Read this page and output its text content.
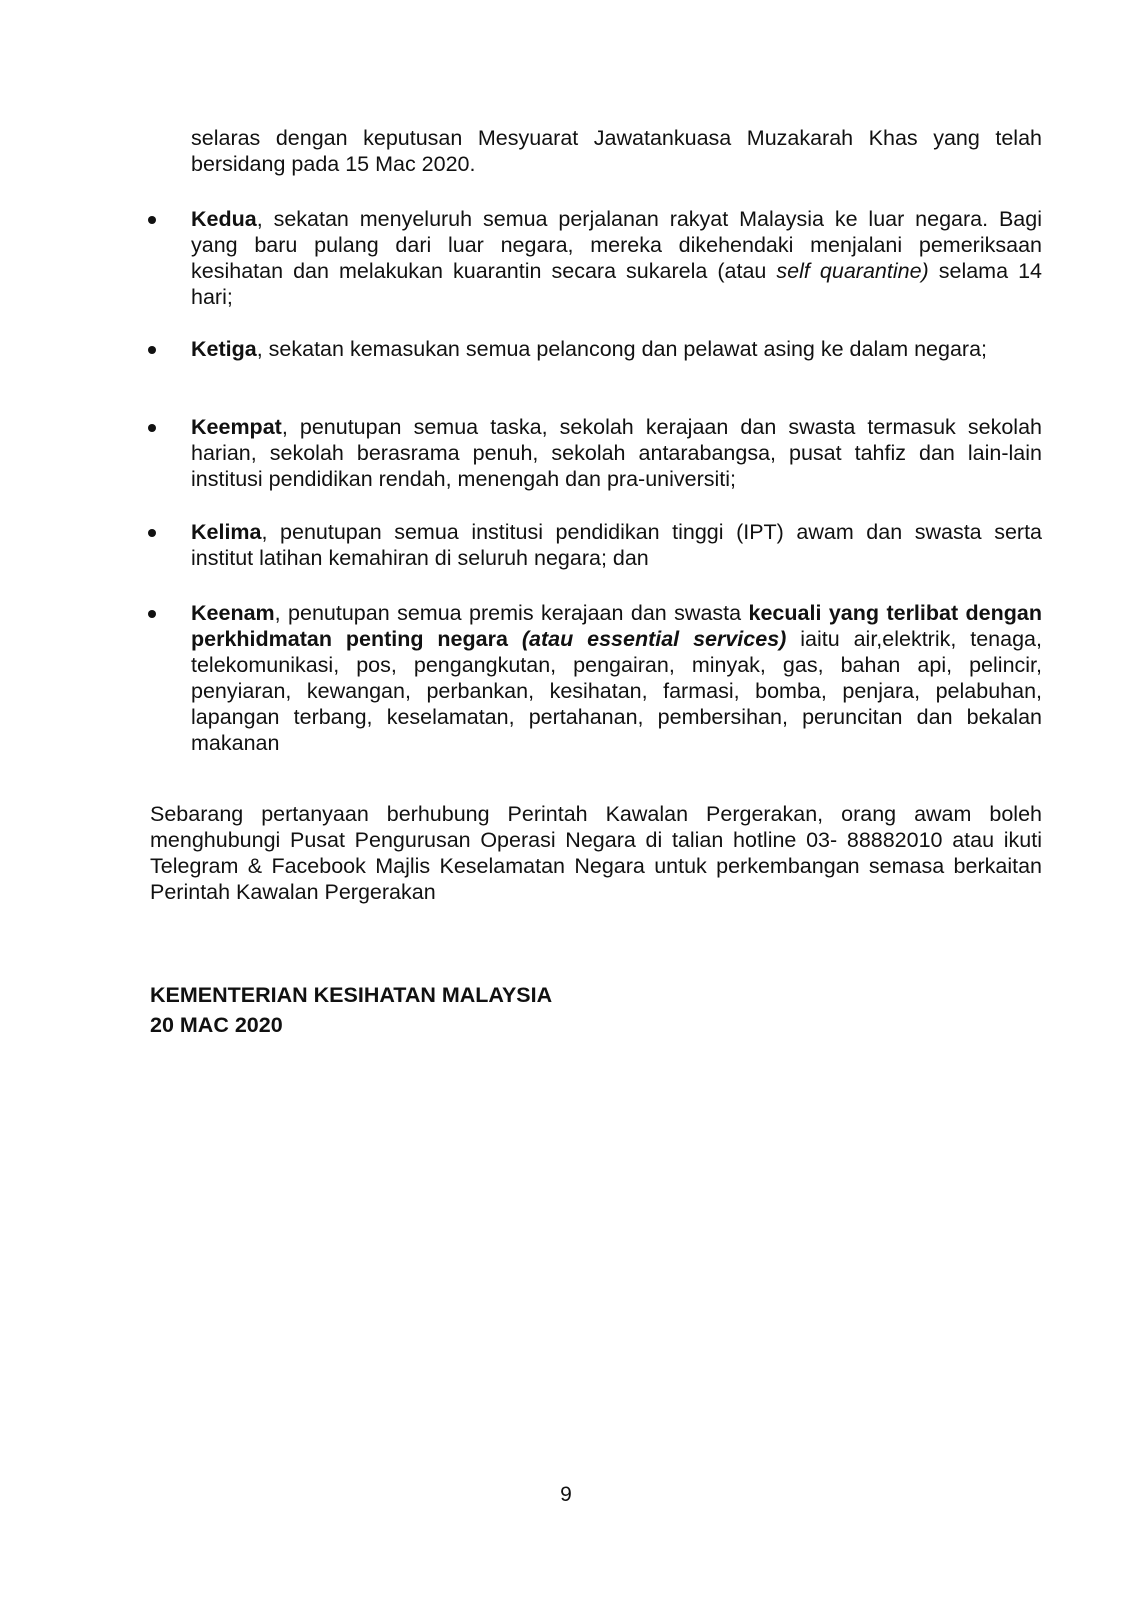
selaras dengan keputusan Mesyuarat Jawatankuasa Muzakarah Khas yang telah bersidang pada 15 Mac 2020.

Kedua, sekatan menyeluruh semua perjalanan rakyat Malaysia ke luar negara. Bagi yang baru pulang dari luar negara, mereka dikehendaki menjalani pemeriksaan kesihatan dan melakukan kuarantin secara sukarela (atau self quarantine) selama 14 hari;

Ketiga, sekatan kemasukan semua pelancong dan pelawat asing ke dalam negara;

Keempat, penutupan semua taska, sekolah kerajaan dan swasta termasuk sekolah harian, sekolah berasrama penuh, sekolah antarabangsa, pusat tahfiz dan lain-lain institusi pendidikan rendah, menengah dan pra-universiti;

Kelima, penutupan semua institusi pendidikan tinggi (IPT) awam dan swasta serta institut latihan kemahiran di seluruh negara; dan

Keenam, penutupan semua premis kerajaan dan swasta kecuali yang terlibat dengan perkhidmatan penting negara (atau essential services) iaitu air,elektrik, tenaga, telekomunikasi, pos, pengangkutan, pengairan, minyak, gas, bahan api, pelincir, penyiaran, kewangan, perbankan, kesihatan, farmasi, bomba, penjara, pelabuhan, lapangan terbang, keselamatan, pertahanan, pembersihan, peruncitan dan bekalan makanan

Sebarang pertanyaan berhubung Perintah Kawalan Pergerakan, orang awam boleh menghubungi Pusat Pengurusan Operasi Negara di talian hotline 03- 88882010 atau ikuti Telegram & Facebook Majlis Keselamatan Negara untuk perkembangan semasa berkaitan Perintah Kawalan Pergerakan

KEMENTERIAN KESIHATAN MALAYSIA
20 MAC 2020
9
